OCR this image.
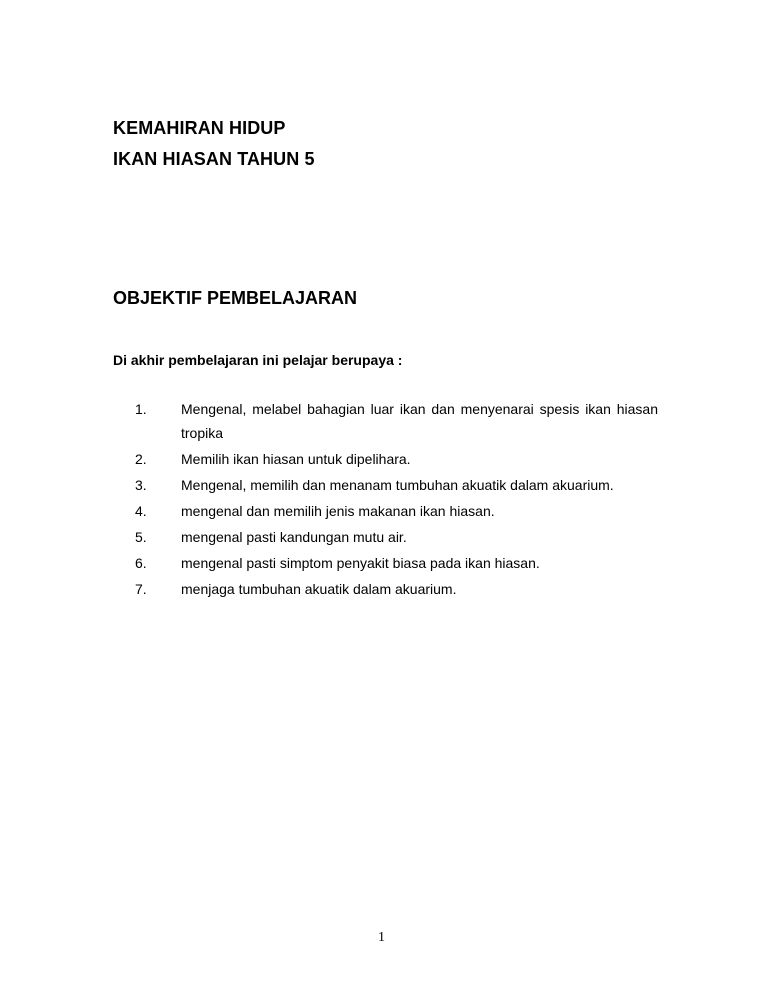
KEMAHIRAN HIDUP
IKAN HIASAN TAHUN 5
OBJEKTIF PEMBELAJARAN
Di akhir pembelajaran ini pelajar berupaya :
1.	Mengenal, melabel bahagian luar ikan dan menyenarai spesis ikan hiasan tropika
2.	Memilih ikan hiasan untuk dipelihara.
3.	Mengenal, memilih dan menanam tumbuhan akuatik dalam akuarium.
4.	mengenal dan memilih jenis makanan ikan hiasan.
5.	mengenal pasti kandungan mutu air.
6.	mengenal pasti simptom penyakit biasa pada ikan hiasan.
7.	menjaga tumbuhan akuatik dalam akuarium.
1
